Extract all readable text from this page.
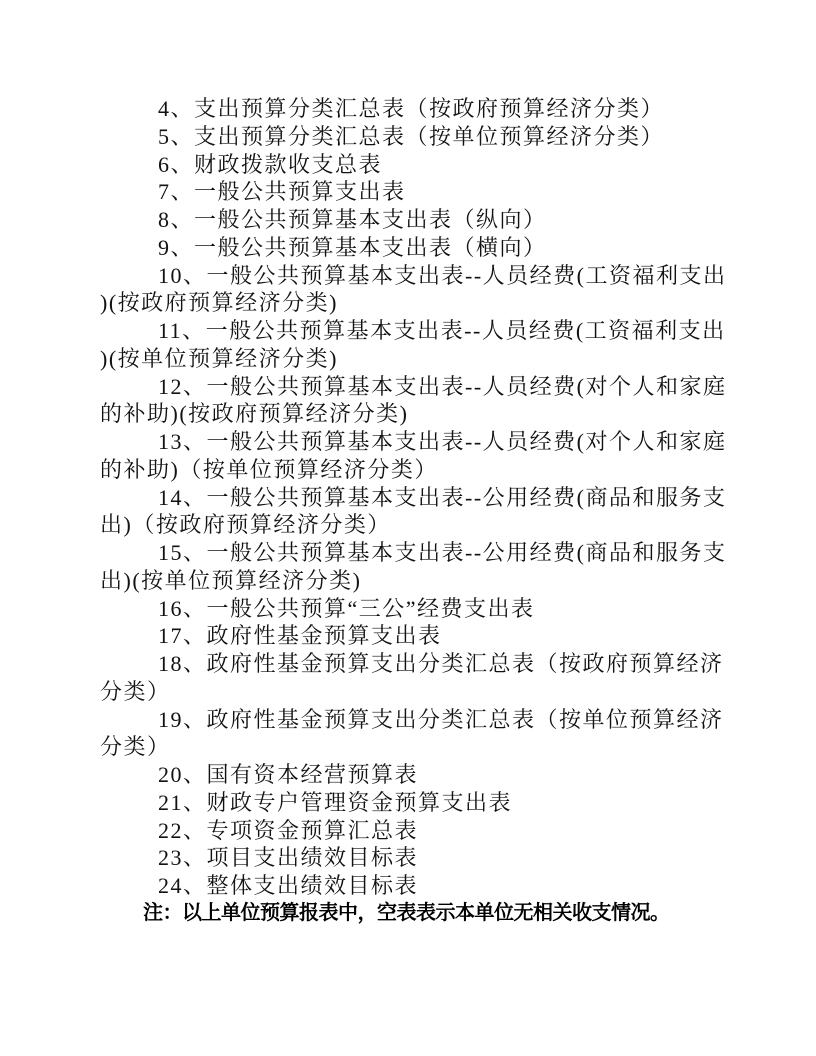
4、支出预算分类汇总表（按政府预算经济分类）
5、支出预算分类汇总表（按单位预算经济分类）
6、财政拨款收支总表
7、一般公共预算支出表
8、一般公共预算基本支出表（纵向）
9、一般公共预算基本支出表（横向）
10、一般公共预算基本支出表--人员经费(工资福利支出
)(按政府预算经济分类)
11、一般公共预算基本支出表--人员经费(工资福利支出
)(按单位预算经济分类)
12、一般公共预算基本支出表--人员经费(对个人和家庭
的补助)(按政府预算经济分类)
13、一般公共预算基本支出表--人员经费(对个人和家庭
的补助)（按单位预算经济分类）
14、一般公共预算基本支出表--公用经费(商品和服务支
出)（按政府预算经济分类）
15、一般公共预算基本支出表--公用经费(商品和服务支
出)(按单位预算经济分类)
16、一般公共预算“三公”经费支出表
17、政府性基金预算支出表
18、政府性基金预算支出分类汇总表（按政府预算经济
分类）
19、政府性基金预算支出分类汇总表（按单位预算经济
分类）
20、国有资本经营预算表
21、财政专户管理资金预算支出表
22、专项资金预算汇总表
23、项目支出绩效目标表
24、整体支出绩效目标表
注：以上单位预算报表中，空表表示本单位无相关收支情况。
